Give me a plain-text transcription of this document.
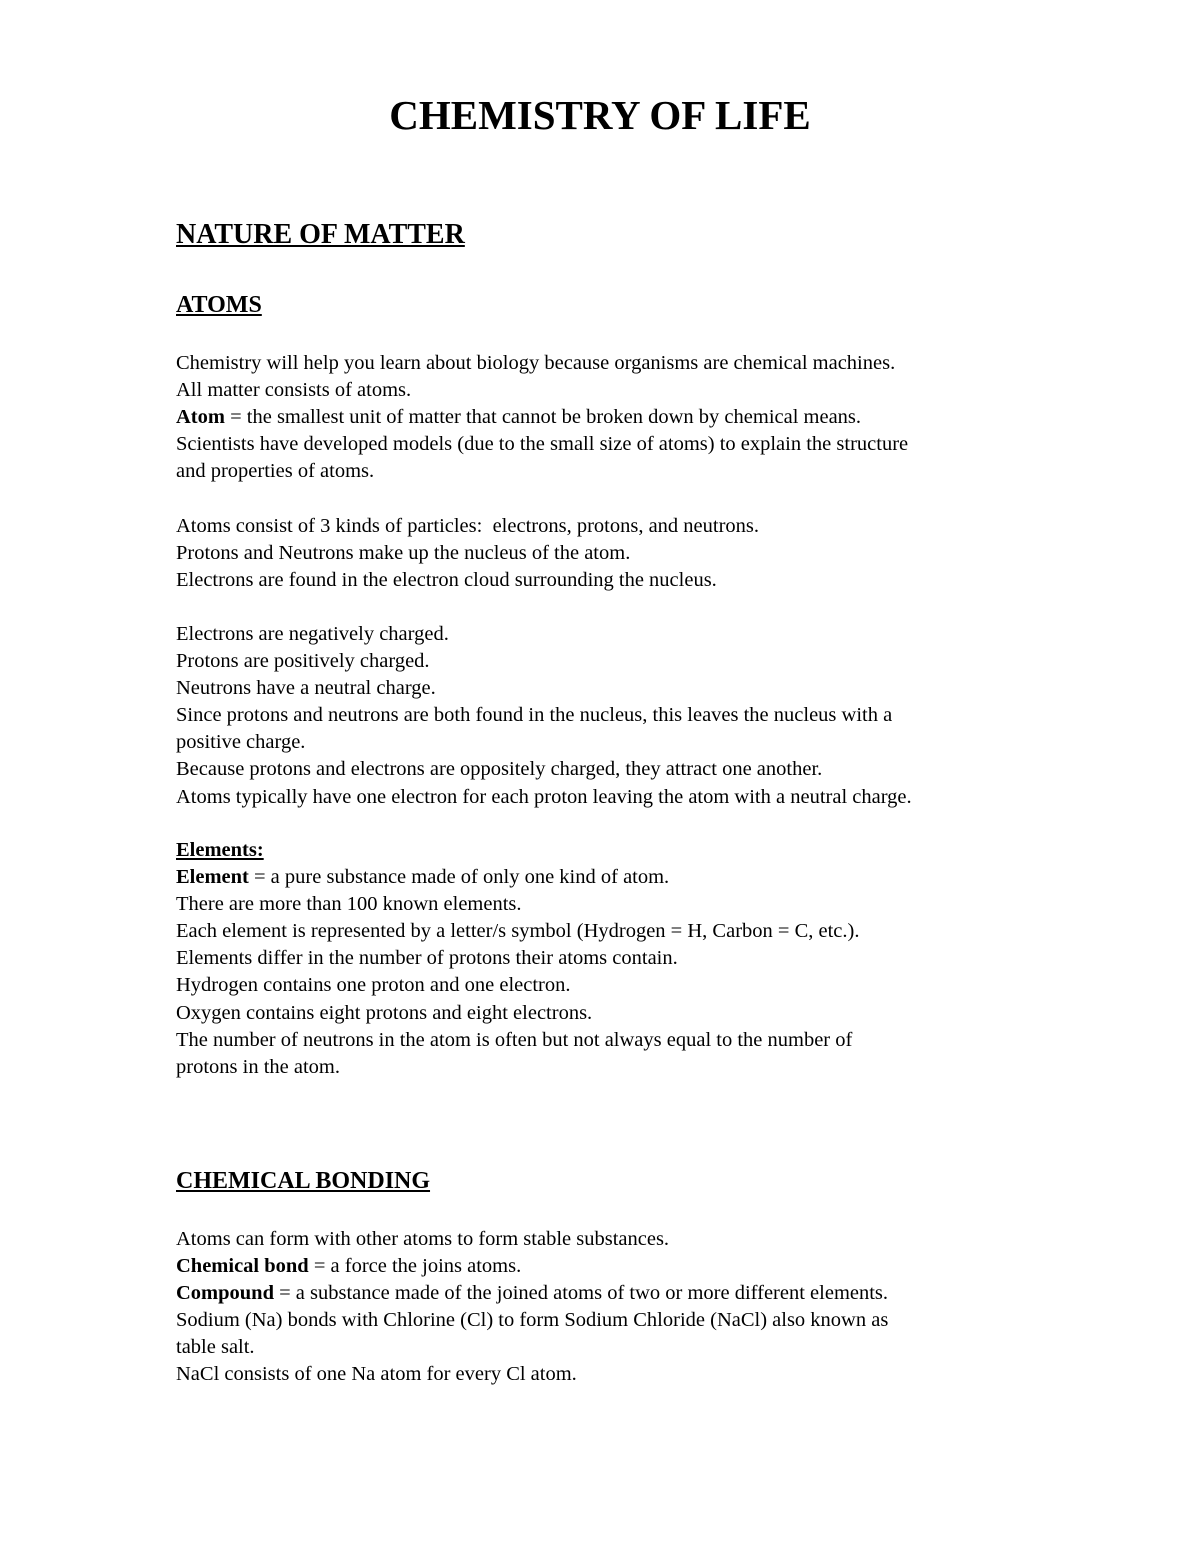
CHEMISTRY OF LIFE
NATURE OF MATTER
ATOMS
Chemistry will help you learn about biology because organisms are chemical machines.
All matter consists of atoms.
Atom = the smallest unit of matter that cannot be broken down by chemical means.
Scientists have developed models (due to the small size of atoms) to explain the structure
and properties of atoms.
Atoms consist of 3 kinds of particles:  electrons, protons, and neutrons.
Protons and Neutrons make up the nucleus of the atom.
Electrons are found in the electron cloud surrounding the nucleus.
Electrons are negatively charged.
Protons are positively charged.
Neutrons have a neutral charge.
Since protons and neutrons are both found in the nucleus, this leaves the nucleus with a
positive charge.
Because protons and electrons are oppositely charged, they attract one another.
Atoms typically have one electron for each proton leaving the atom with a neutral charge.
Elements:
Element = a pure substance made of only one kind of atom.
There are more than 100 known elements.
Each element is represented by a letter/s symbol (Hydrogen = H, Carbon = C, etc.).
Elements differ in the number of protons their atoms contain.
Hydrogen contains one proton and one electron.
Oxygen contains eight protons and eight electrons.
The number of neutrons in the atom is often but not always equal to the number of
protons in the atom.
CHEMICAL BONDING
Atoms can form with other atoms to form stable substances.
Chemical bond = a force the joins atoms.
Compound = a substance made of the joined atoms of two or more different elements.
Sodium (Na) bonds with Chlorine (Cl) to form Sodium Chloride (NaCl) also known as
table salt.
NaCl consists of one Na atom for every Cl atom.
